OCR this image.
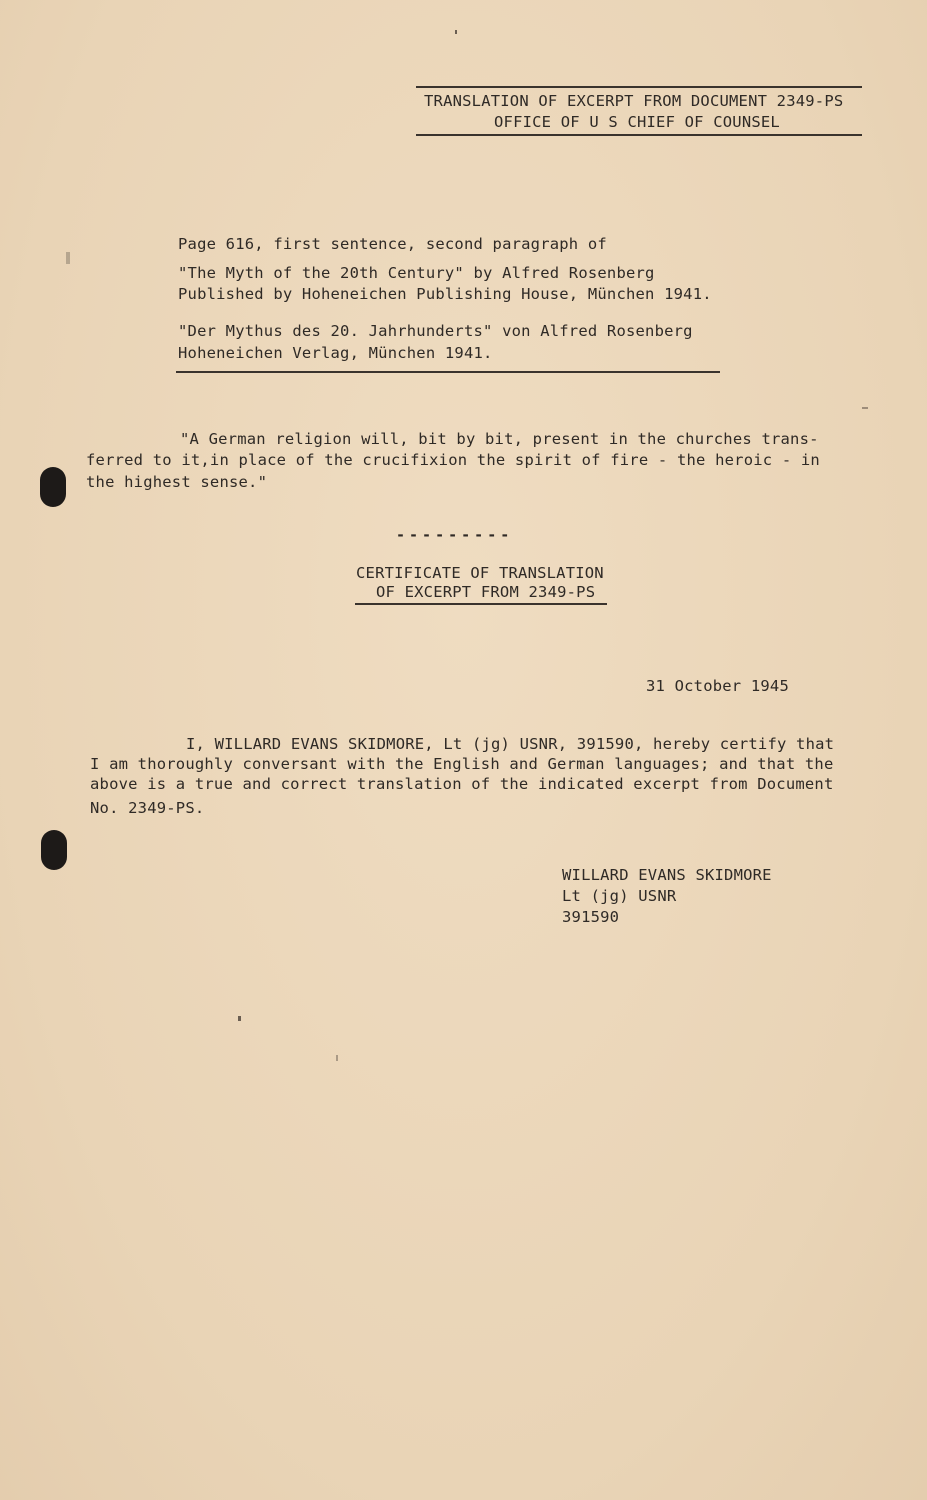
TRANSLATION OF EXCERPT FROM DOCUMENT 2349-PS
OFFICE OF U S CHIEF OF COUNSEL
Page 616, first sentence, second paragraph of
"The Myth of the 20th Century" by Alfred Rosenberg
Published by Hoheneichen Publishing House, München 1941.
"Der Mythus des 20. Jahrhunderts" von Alfred Rosenberg
Hoheneichen Verlag, München 1941.
"A German religion will, bit by bit, present in the churches trans-
ferred to it,in place of the crucifixion the spirit of fire - the heroic - in
the highest sense."
---------
CERTIFICATE OF TRANSLATION
OF EXCERPT FROM 2349-PS
31 October 1945
I, WILLARD EVANS SKIDMORE, Lt (jg) USNR, 391590, hereby certify that
I am thoroughly conversant with the English and German languages; and that the
above is a true and correct translation of the indicated excerpt from Document
No. 2349-PS.
WILLARD EVANS SKIDMORE
Lt (jg) USNR
391590
